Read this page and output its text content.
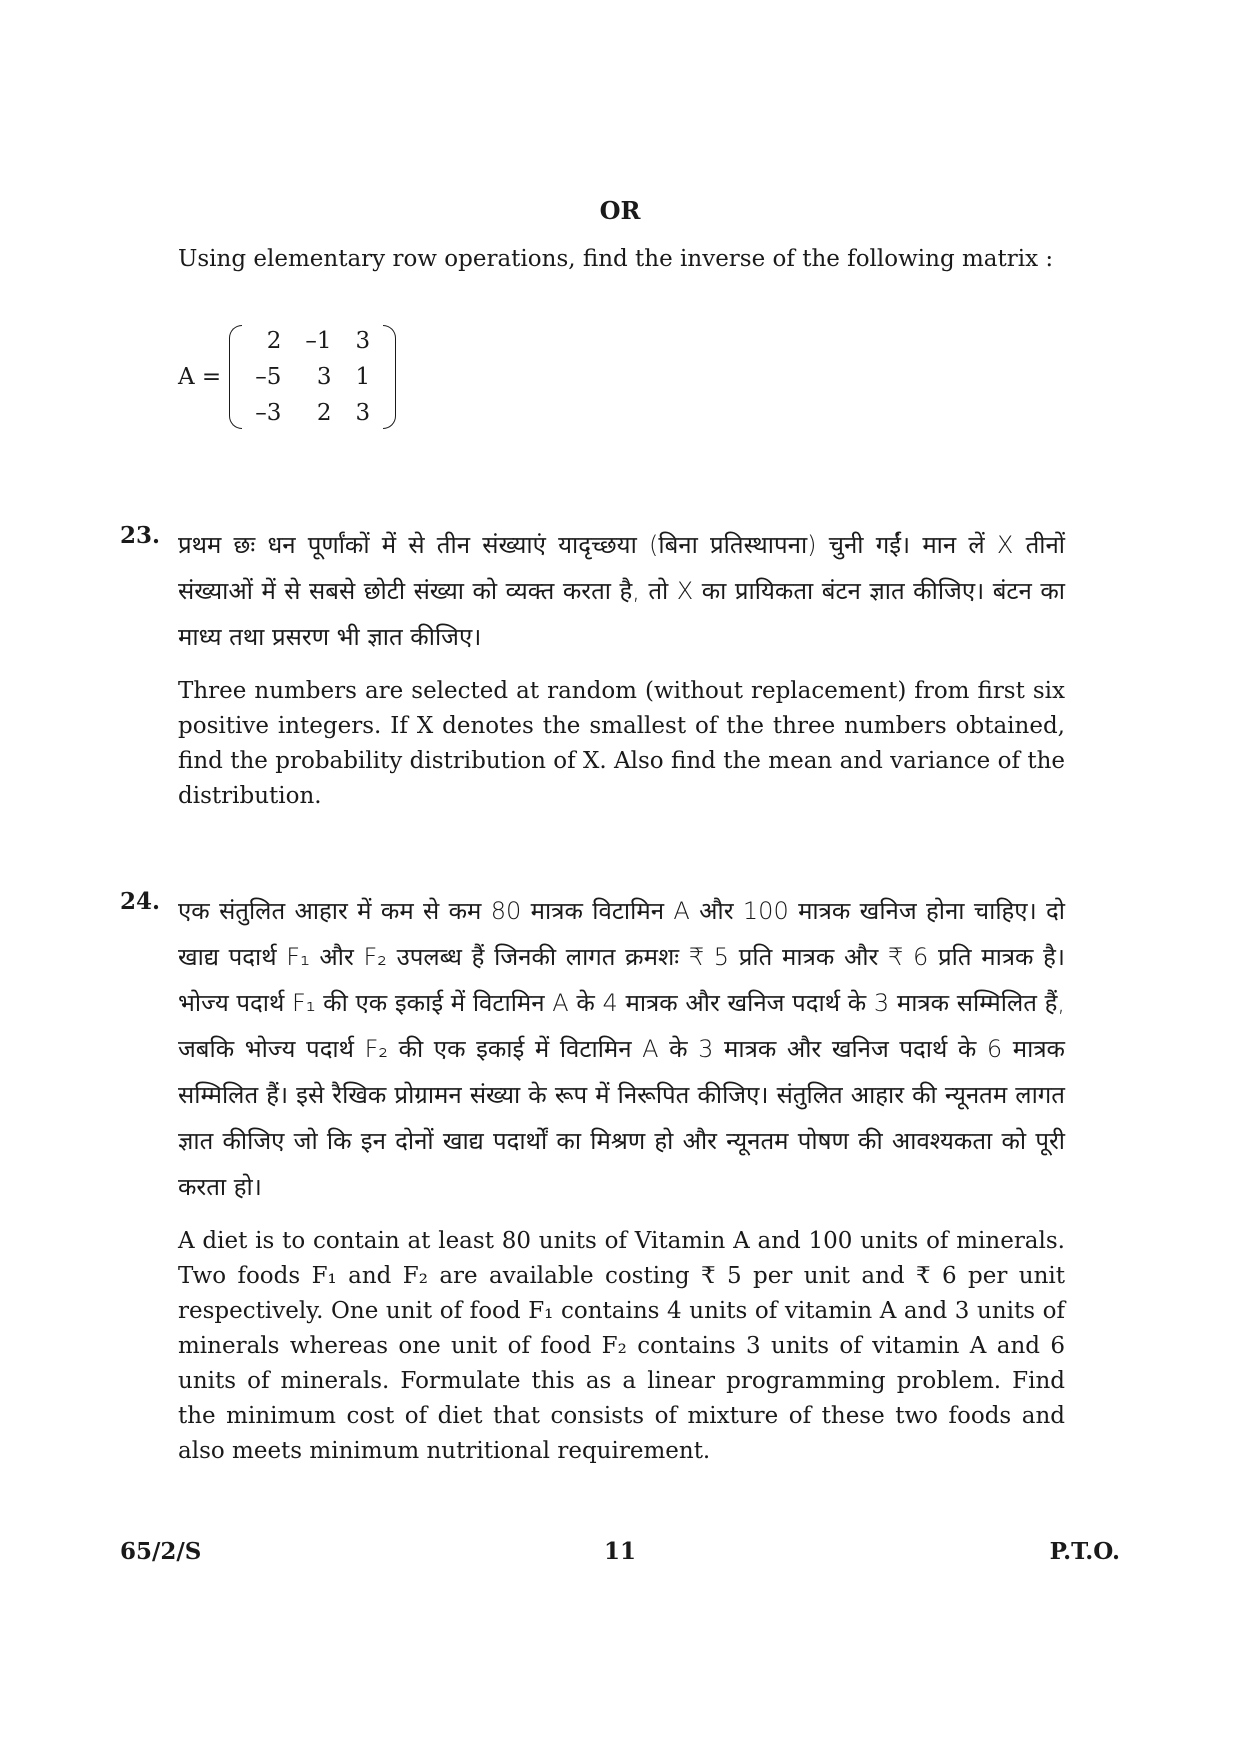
OR
Using elementary row operations, find the inverse of the following matrix :
A =
2	–1	3
–5	3	1
–3	2	3
23. प्रथम छः धन पूर्णांकों में से तीन संख्याएं यादृच्छया (बिना प्रतिस्थापना) चुनी गईं। मान लें X तीनों संख्याओं में से सबसे छोटी संख्या को व्यक्त करता है, तो X का प्रायिकता बंटन ज्ञात कीजिए। बंटन का माध्य तथा प्रसरण भी ज्ञात कीजिए।
Three numbers are selected at random (without replacement) from first six positive integers. If X denotes the smallest of the three numbers obtained, find the probability distribution of X. Also find the mean and variance of the distribution.
24. एक संतुलित आहार में कम से कम 80 मात्रक विटामिन A और 100 मात्रक खनिज होना चाहिए। दो खाद्य पदार्थ F₁ और F₂ उपलब्ध हैं जिनकी लागत क्रमशः ₹ 5 प्रति मात्रक और ₹ 6 प्रति मात्रक है। भोज्य पदार्थ F₁ की एक इकाई में विटामिन A के 4 मात्रक और खनिज पदार्थ के 3 मात्रक सम्मिलित हैं, जबकि भोज्य पदार्थ F₂ की एक इकाई में विटामिन A के 3 मात्रक और खनिज पदार्थ के 6 मात्रक सम्मिलित हैं। इसे रैखिक प्रोग्रामन संख्या के रूप में निरूपित कीजिए। संतुलित आहार की न्यूनतम लागत ज्ञात कीजिए जो कि इन दोनों खाद्य पदार्थों का मिश्रण हो और न्यूनतम पोषण की आवश्यकता को पूरी करता हो।
A diet is to contain at least 80 units of Vitamin A and 100 units of minerals. Two foods F₁ and F₂ are available costing ₹ 5 per unit and ₹ 6 per unit respectively. One unit of food F₁ contains 4 units of vitamin A and 3 units of minerals whereas one unit of food F₂ contains 3 units of vitamin A and 6 units of minerals. Formulate this as a linear programming problem. Find the minimum cost of diet that consists of mixture of these two foods and also meets minimum nutritional requirement.
65/2/S	11	P.T.O.
